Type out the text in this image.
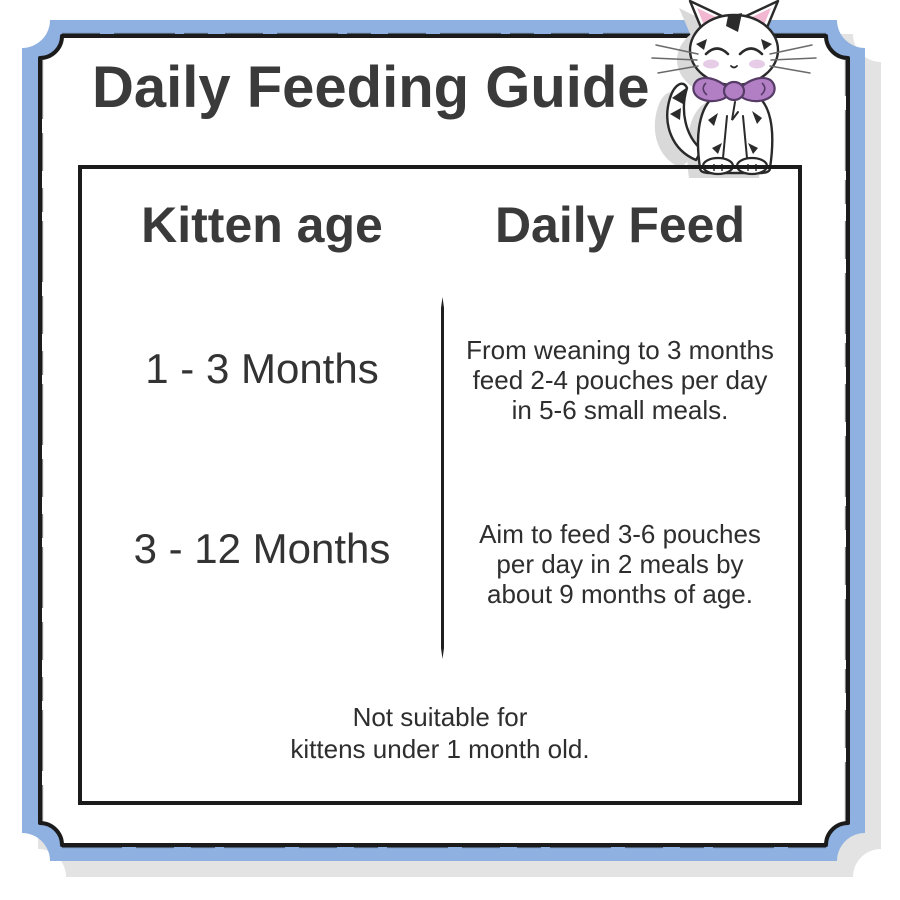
Daily Feeding Guide
Kitten age	Daily Feed
1 - 3 Months	From weaning to 3 months
feed 2-4 pouches per day
in 5-6 small meals.
3 - 12 Months	Aim to feed 3-6 pouches
per day in 2 meals by
about 9 months of age.
Not suitable for
kittens under 1 month old.
